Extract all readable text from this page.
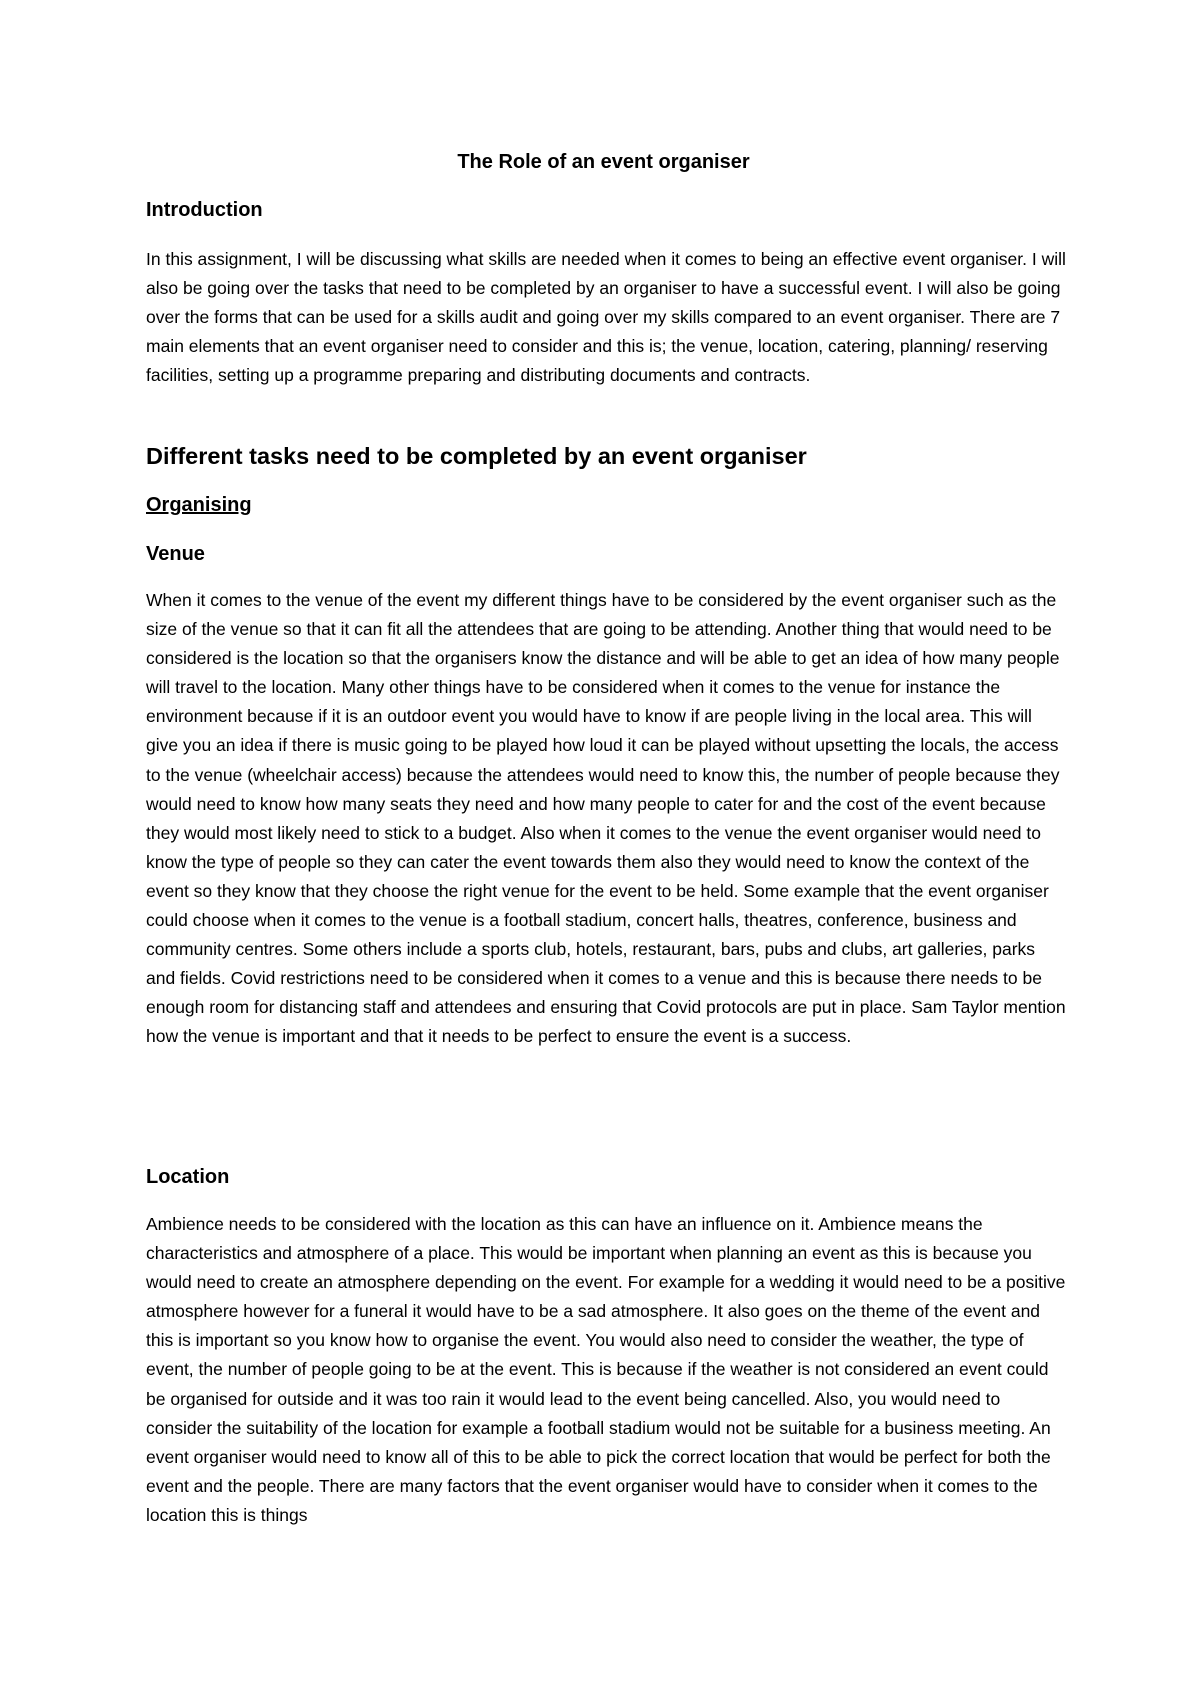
The Role of an event organiser
Introduction

In this assignment, I will be discussing what skills are needed when it comes to being an effective event organiser. I will also be going over the tasks that need to be completed by an organiser to have a successful event. I will also be going over the forms that can be used for a skills audit and going over my skills compared to an event organiser. There are 7 main elements that an event organiser need to consider and this is; the venue, location, catering, planning/ reserving facilities, setting up a programme preparing and distributing documents and contracts.

Different tasks need to be completed by an event organiser
Organising
Venue

When it comes to the venue of the event my different things have to be considered by the event organiser such as the size of the venue so that it can fit all the attendees that are going to be attending. Another thing that would need to be considered is the location so that the organisers know the distance and will be able to get an idea of how many people will travel to the location. Many other things have to be considered when it comes to the venue for instance the environment because if it is an outdoor event you would have to know if are people living in the local area. This will give you an idea if there is music going to be played how loud it can be played without upsetting the locals, the access to the venue (wheelchair access) because the attendees would need to know this, the number of people because they would need to know how many seats they need and how many people to cater for and the cost of the event because they would most likely need to stick to a budget. Also when it comes to the venue the event organiser would need to know the type of people so they can cater the event towards them also they would need to know the context of the event so they know that they choose the right venue for the event to be held. Some example that the event organiser could choose when it comes to the venue is a football stadium, concert halls, theatres, conference, business and community centres. Some others include a sports club, hotels, restaurant, bars, pubs and clubs, art galleries, parks and fields. Covid restrictions need to be considered when it comes to a venue and this is because there needs to be enough room for distancing staff and attendees and ensuring that Covid protocols are put in place. Sam Taylor mention how the venue is important and that it needs to be perfect to ensure the event is a success.

Location

Ambience needs to be considered with the location as this can have an influence on it. Ambience means the characteristics and atmosphere of a place. This would be important when planning an event as this is because you would need to create an atmosphere depending on the event. For example for a wedding it would need to be a positive atmosphere however for a funeral it would have to be a sad atmosphere. It also goes on the theme of the event and this is important so you know how to organise the event. You would also need to consider the weather, the type of event, the number of people going to be at the event. This is because if the weather is not considered an event could be organised for outside and it was too rain it would lead to the event being cancelled. Also, you would need to consider the suitability of the location for example a football stadium would not be suitable for a business meeting. An event organiser would need to know all of this to be able to pick the correct location that would be perfect for both the event and the people. There are many factors that the event organiser would have to consider when it comes to the location this is things
